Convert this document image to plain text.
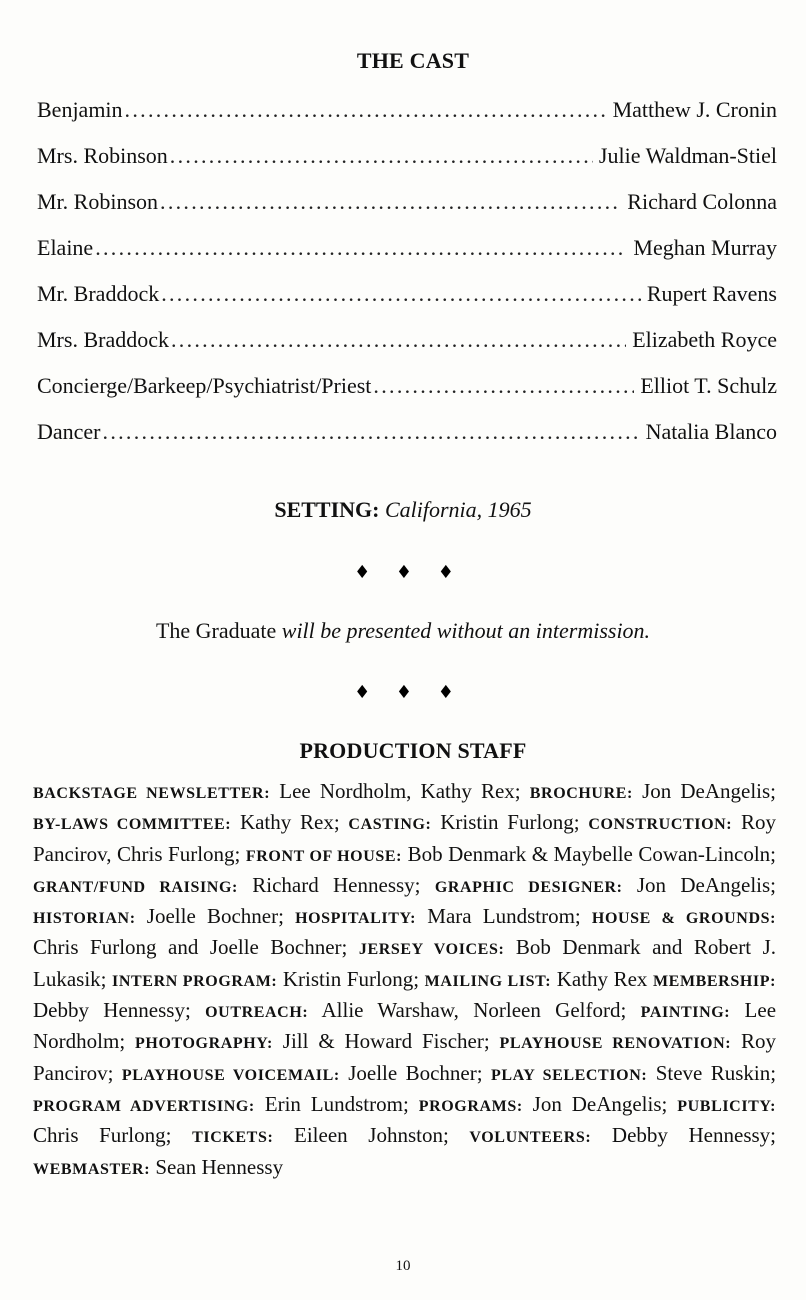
THE CAST
Benjamin . . .	Matthew J. Cronin
Mrs. Robinson . . .	Julie Waldman-Stiel
Mr. Robinson . . .	Richard Colonna
Elaine . . .	Meghan Murray
Mr. Braddock . . .	Rupert Ravens
Mrs. Braddock . . .	Elizabeth Royce
Concierge/Barkeep/Psychiatrist/Priest . . .	Elliot T. Schulz
Dancer . . .	Natalia Blanco
SETTING: California, 1965
♦ ♦ ♦
The Graduate will be presented without an intermission.
♦ ♦ ♦
PRODUCTION STAFF
BACKSTAGE NEWSLETTER: Lee Nordholm, Kathy Rex; BROCHURE: Jon DeAngelis; BY-LAWS COMMITTEE: Kathy Rex; CASTING: Kristin Furlong; CONSTRUCTION: Roy Pancirov, Chris Furlong; FRONT OF HOUSE: Bob Denmark & Maybelle Cowan-Lincoln; GRANT/FUND RAISING: Richard Hennessy; GRAPHIC DESIGNER: Jon DeAngelis; HISTORIAN: Joelle Bochner; HOSPITALITY: Mara Lundstrom; HOUSE & GROUNDS: Chris Furlong and Joelle Bochner; JERSEY VOICES: Bob Denmark and Robert J. Lukasik; INTERN PROGRAM: Kristin Furlong; MAILING LIST: Kathy Rex MEMBERSHIP: Debby Hennessy; OUTREACH: Allie Warshaw, Norleen Gelford; PAINTING: Lee Nordholm; PHOTOGRAPHY: Jill & Howard Fischer; PLAYHOUSE RENOVATION: Roy Pancirov; PLAYHOUSE VOICEMAIL: Joelle Bochner; PLAY SELECTION: Steve Ruskin; PROGRAM ADVERTISING: Erin Lundstrom; PROGRAMS: Jon DeAngelis; PUBLICITY: Chris Furlong; TICKETS: Eileen Johnston; VOLUNTEERS: Debby Hennessy; WEBMASTER: Sean Hennessy
10
